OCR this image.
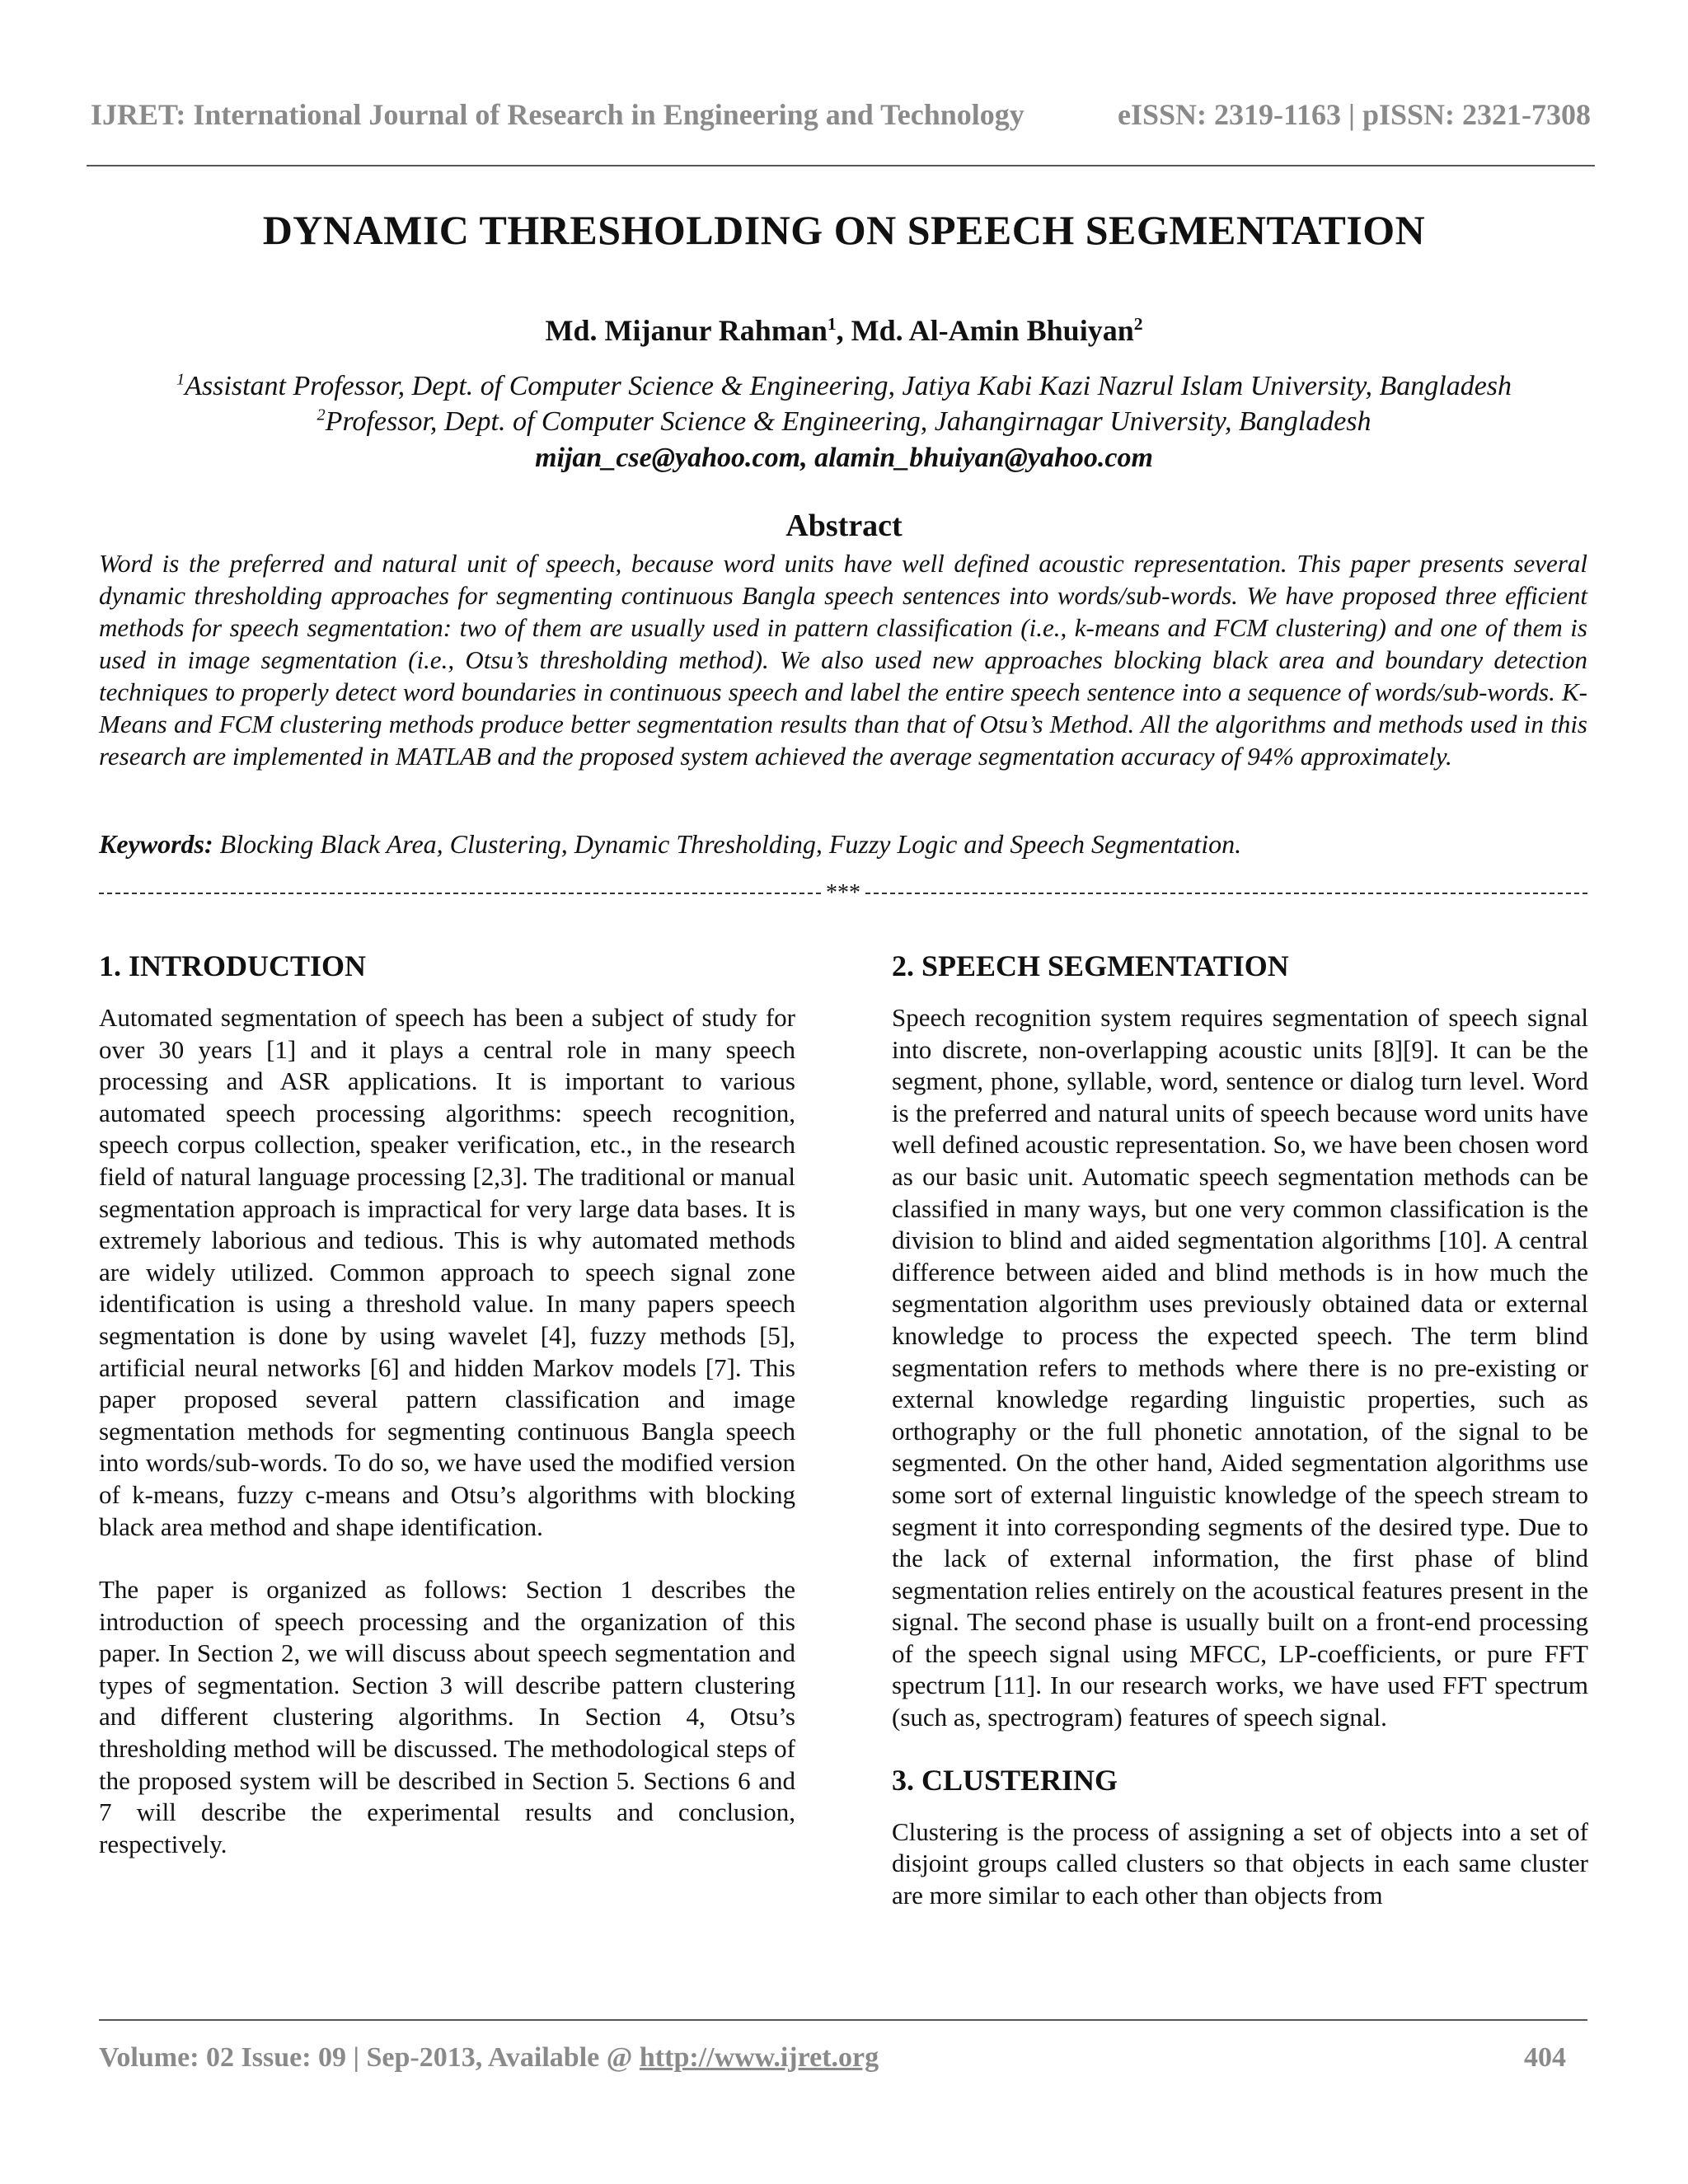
IJRET: International Journal of Research in Engineering and Technology	eISSN: 2319-1163 | pISSN: 2321-7308
DYNAMIC THRESHOLDING ON SPEECH SEGMENTATION
Md. Mijanur Rahman$^1$, Md. Al-Amin Bhuiyan$^2$
$^1$Assistant Professor, Dept. of Computer Science & Engineering, Jatiya Kabi Kazi Nazrul Islam University, Bangladesh
$^2$Professor, Dept. of Computer Science & Engineering, Jahangirnagar University, Bangladesh
mijan_cse@yahoo.com, alamin_bhuiyan@yahoo.com
Abstract
Word is the preferred and natural unit of speech, because word units have well defined acoustic representation. This paper presents several dynamic thresholding approaches for segmenting continuous Bangla speech sentences into words/sub-words. We have proposed three efficient methods for speech segmentation: two of them are usually used in pattern classification (i.e., k-means and FCM clustering) and one of them is used in image segmentation (i.e., Otsu’s thresholding method). We also used new approaches blocking black area and boundary detection techniques to properly detect word boundaries in continuous speech and label the entire speech sentence into a sequence of words/sub-words. K-Means and FCM clustering methods produce better segmentation results than that of Otsu’s Method. All the algorithms and methods used in this research are implemented in MATLAB and the proposed system achieved the average segmentation accuracy of 94% approximately.
Keywords: Blocking Black Area, Clustering, Dynamic Thresholding, Fuzzy Logic and Speech Segmentation.
***
1. INTRODUCTION

Automated segmentation of speech has been a subject of study for over 30 years [1] and it plays a central role in many speech processing and ASR applications. It is important to various automated speech processing algorithms: speech recognition, speech corpus collection, speaker verification, etc., in the research field of natural language processing [2,3]. The traditional or manual segmentation approach is impractical for very large data bases. It is extremely laborious and tedious. This is why automated methods are widely utilized. Common approach to speech signal zone identification is using a threshold value. In many papers speech segmentation is done by using wavelet [4], fuzzy methods [5], artificial neural networks [6] and hidden Markov models [7]. This paper proposed several pattern classification and image segmentation methods for segmenting continuous Bangla speech into words/sub-words. To do so, we have used the modified version of k-means, fuzzy c-means and Otsu’s algorithms with blocking black area method and shape identification.

The paper is organized as follows: Section 1 describes the introduction of speech processing and the organization of this paper. In Section 2, we will discuss about speech segmentation and types of segmentation. Section 3 will describe pattern clustering and different clustering algorithms. In Section 4, Otsu’s thresholding method will be discussed. The methodological steps of the proposed system will be described in Section 5. Sections 6 and 7 will describe the experimental results and conclusion, respectively.

2. SPEECH SEGMENTATION

Speech recognition system requires segmentation of speech signal into discrete, non-overlapping acoustic units [8][9]. It can be the segment, phone, syllable, word, sentence or dialog turn level. Word is the preferred and natural units of speech because word units have well defined acoustic representation. So, we have been chosen word as our basic unit. Automatic speech segmentation methods can be classified in many ways, but one very common classification is the division to blind and aided segmentation algorithms [10]. A central difference between aided and blind methods is in how much the segmentation algorithm uses previously obtained data or external knowledge to process the expected speech. The term blind segmentation refers to methods where there is no pre-existing or external knowledge regarding linguistic properties, such as orthography or the full phonetic annotation, of the signal to be segmented. On the other hand, Aided segmentation algorithms use some sort of external linguistic knowledge of the speech stream to segment it into corresponding segments of the desired type. Due to the lack of external information, the first phase of blind segmentation relies entirely on the acoustical features present in the signal. The second phase is usually built on a front-end processing of the speech signal using MFCC, LP-coefficients, or pure FFT spectrum [11]. In our research works, we have used FFT spectrum (such as, spectrogram) features of speech signal.

3. CLUSTERING

Clustering is the process of assigning a set of objects into a set of disjoint groups called clusters so that objects in each same cluster are more similar to each other than objects from

Volume: 02 Issue: 09 | Sep-2013, Available @ http://www.ijret.org	404
